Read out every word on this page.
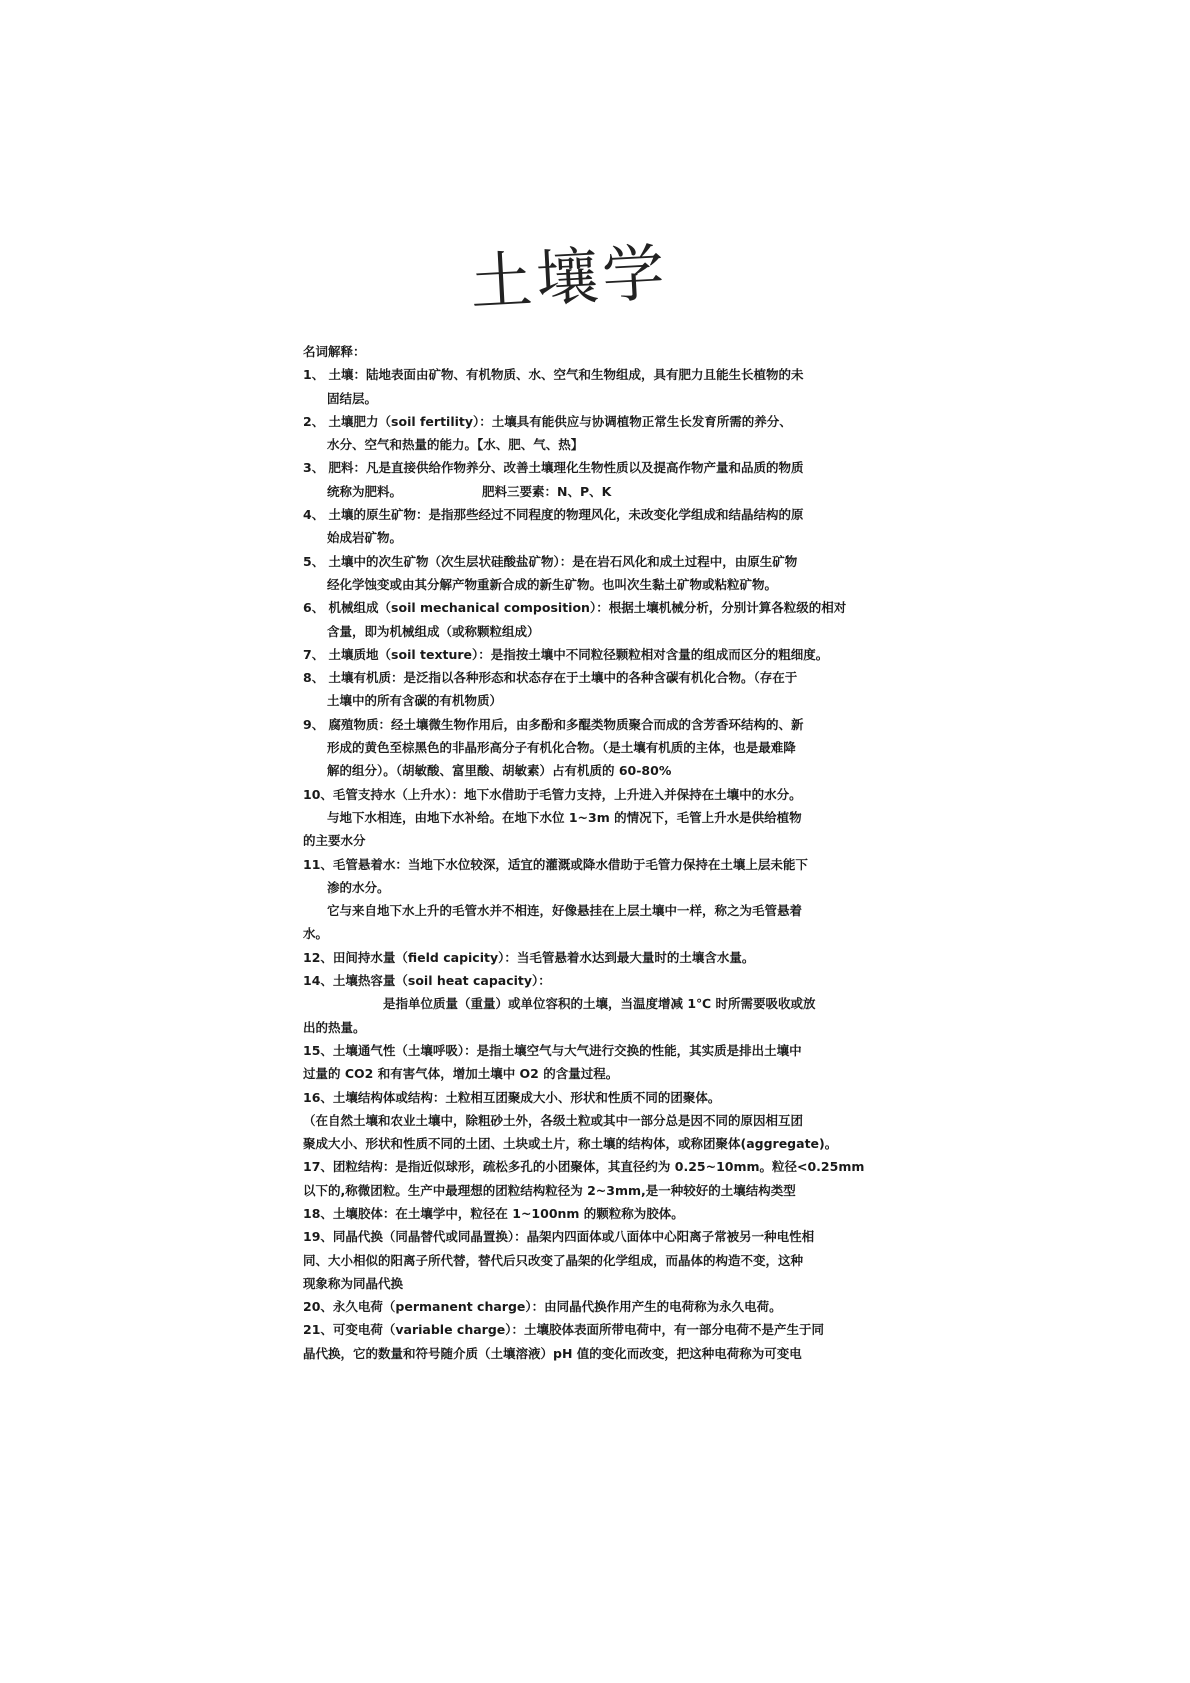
土壤学

名词解释：

1、 土壤：陆地表面由矿物、有机物质、水、空气和生物组成，具有肥力且能生长植物的未

固结层。

2、 土壤肥力（soil fertility）：土壤具有能供应与协调植物正常生长发育所需的养分、

水分、空气和热量的能力。【水、肥、气、热】

3、 肥料：凡是直接供给作物养分、改善土壤理化生物性质以及提高作物产量和品质的物质

统称为肥料。	肥料三要素：N、P、K

4、 土壤的原生矿物：是指那些经过不同程度的物理风化，未改变化学组成和结晶结构的原

始成岩矿物。

5、 土壤中的次生矿物（次生层状硅酸盐矿物）：是在岩石风化和成土过程中，由原生矿物

经化学蚀变或由其分解产物重新合成的新生矿物。也叫次生黏土矿物或粘粒矿物。

6、 机械组成（soil mechanical composition）：根据土壤机械分析，分别计算各粒级的相对

含量，即为机械组成（或称颗粒组成）

7、 土壤质地（soil texture）：是指按土壤中不同粒径颗粒相对含量的组成而区分的粗细度。

8、 土壤有机质：是泛指以各种形态和状态存在于土壤中的各种含碳有机化合物。（存在于

土壤中的所有含碳的有机物质）

9、 腐殖物质：经土壤微生物作用后，由多酚和多醌类物质聚合而成的含芳香环结构的、新

形成的黄色至棕黑色的非晶形高分子有机化合物。（是土壤有机质的主体，也是最难降

解的组分）。（胡敏酸、富里酸、胡敏素）占有机质的 60-80%

10、毛管支持水（上升水）：地下水借助于毛管力支持，上升进入并保持在土壤中的水分。

与地下水相连，由地下水补给。在地下水位 1~3m 的情况下，毛管上升水是供给植物

的主要水分

11、毛管悬着水：当地下水位较深，适宜的灌溉或降水借助于毛管力保持在土壤上层未能下

渗的水分。

它与来自地下水上升的毛管水并不相连，好像悬挂在上层土壤中一样，称之为毛管悬着

水。

12、田间持水量（field capicity）：当毛管悬着水达到最大量时的土壤含水量。

14、土壤热容量（soil heat capacity）：

是指单位质量（重量）或单位容积的土壤，当温度增减 1℃ 时所需要吸收或放

出的热量。

15、土壤通气性（土壤呼吸）：是指土壤空气与大气进行交换的性能，其实质是排出土壤中

过量的 CO2 和有害气体，增加土壤中 O2 的含量过程。

16、土壤结构体或结构：土粒相互团聚成大小、形状和性质不同的团聚体。

（在自然土壤和农业土壤中，除粗砂土外，各级土粒或其中一部分总是因不同的原因相互团

聚成大小、形状和性质不同的土团、土块或土片，称土壤的结构体，或称团聚体(aggregate)。

17、团粒结构：是指近似球形，疏松多孔的小团聚体，其直径约为 0.25~10mm。粒径<0.25mm

以下的,称微团粒。生产中最理想的团粒结构粒径为 2~3mm,是一种较好的土壤结构类型

18、土壤胶体：在土壤学中，粒径在 1~100nm 的颗粒称为胶体。

19、同晶代换（同晶替代或同晶置换）：晶架内四面体或八面体中心阳离子常被另一种电性相

同、大小相似的阳离子所代替，替代后只改变了晶架的化学组成，而晶体的构造不变，这种

现象称为同晶代换

20、永久电荷（permanent charge）：由同晶代换作用产生的电荷称为永久电荷。

21、可变电荷（variable charge）：土壤胶体表面所带电荷中，有一部分电荷不是产生于同

晶代换，它的数量和符号随介质（土壤溶液）pH 值的变化而改变，把这种电荷称为可变电
